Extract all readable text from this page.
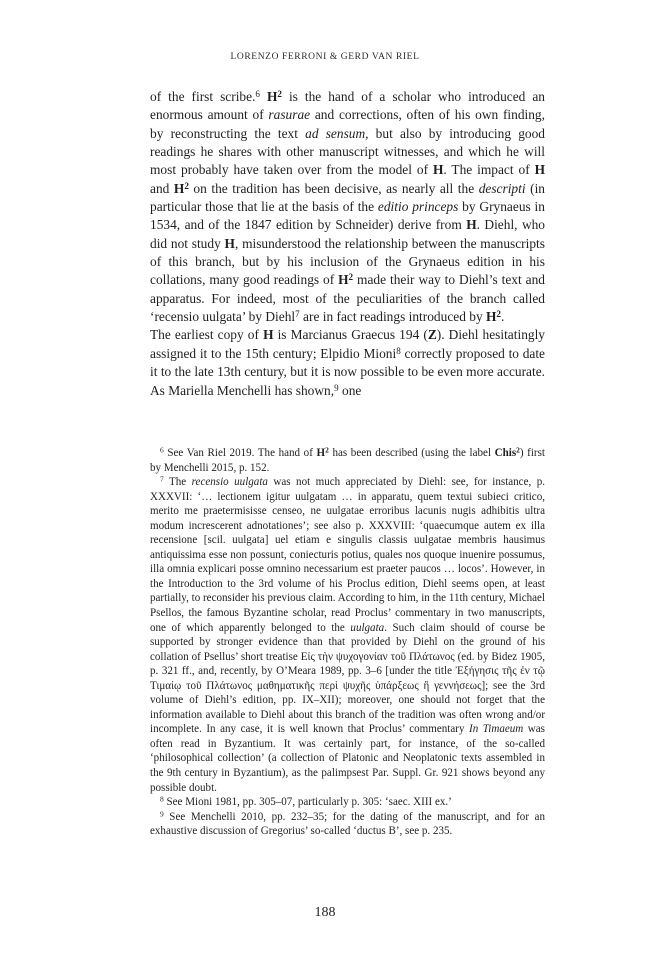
LORENZO FERRONI & GERD VAN RIEL

of the first scribe.$^6$ $H^2$ is the hand of a scholar who introduced an enormous amount of rasurae and corrections, often of his own finding, by reconstructing the text ad sensum, but also by introducing good readings he shares with other manuscript witnesses, and which he will most probably have taken over from the model of H. The impact of H and $H^2$ on the tradition has been decisive, as nearly all the descripti (in particular those that lie at the basis of the editio princeps by Grynaeus in 1534, and of the 1847 edition by Schneider) derive from H. Diehl, who did not study H, misunderstood the relationship between the manuscripts of this branch, but by his inclusion of the Grynaeus edition in his collations, many good readings of $H^2$ made their way to Diehl’s text and apparatus. For indeed, most of the peculiarities of the branch called ‘recensio uulgata’ by Diehl$^7$ are in fact readings introduced by $H^2$.

The earliest copy of H is Marcianus Graecus 194 (Z). Diehl hesitatingly assigned it to the 15th century; Elpidio Mioni$^8$ correctly proposed to date it to the late 13th century, but it is now possible to be even more accurate. As Mariella Menchelli has shown,$^9$ one

$^6$ See Van Riel 2019. The hand of $H^2$ has been described (using the label Chis$^2$) first by Menchelli 2015, p. 152.

$^7$ The recensio uulgata was not much appreciated by Diehl: see, for instance, p. XXXVII: ‘… lectionem igitur uulgatam … in apparatu, quem textui subieci critico, merito me praetermisisse censeo, ne uulgatae erroribus lacunis nugis adhibitis ultra modum increscerent adnotationes’; see also p. XXXVIII: ‘quaecumque autem ex illa recensione [scil. uulgata] uel etiam e singulis classis uulgatae membris hausimus antiquissima esse non possunt, coniecturis potius, quales nos quoque inuenire possumus, illa omnia explicari posse omnino necessarium est praeter paucos … locos’. However, in the Introduction to the 3rd volume of his Proclus edition, Diehl seems open, at least partially, to reconsider his previous claim. According to him, in the 11th century, Michael Psellos, the famous Byzantine scholar, read Proclus’ commentary in two manuscripts, one of which apparently belonged to the uulgata. Such claim should of course be supported by stronger evidence than that provided by Diehl on the ground of his collation of Psellus’ short treatise Εἰς τὴν ψυχογονίαν τοῦ Πλάτωνος (ed. by Bidez 1905, p. 321 ff., and, recently, by O’Meara 1989, pp. 3–6 [under the title Ἐξήγησις τῆς ἐν τῷ Τιμαίῳ τοῦ Πλάτωνος μαθηματικῆς περὶ ψυχῆς ὑπάρξεως ἢ γεννήσεως]; see the 3rd volume of Diehl’s edition, pp. IX–XII); moreover, one should not forget that the information available to Diehl about this branch of the tradition was often wrong and/or incomplete. In any case, it is well known that Proclus’ commentary In Timaeum was often read in Byzantium. It was certainly part, for instance, of the so-called ‘philosophical collection’ (a collection of Platonic and Neoplatonic texts assembled in the 9th century in Byzantium), as the palimpsest Par. Suppl. Gr. 921 shows beyond any possible doubt.

$^8$ See Mioni 1981, pp. 305–07, particularly p. 305: ‘saec. XIII ex.’

$^9$ See Menchelli 2010, pp. 232–35; for the dating of the manuscript, and for an exhaustive discussion of Gregorius’ so-called ‘ductus B’, see p. 235.

188
